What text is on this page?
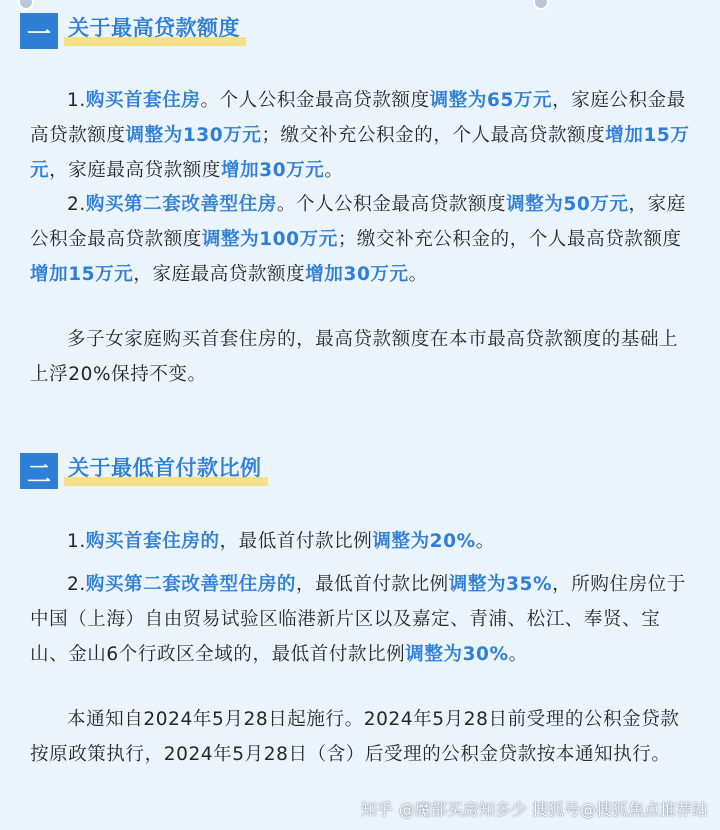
一 关于最高贷款额度

1.购买首套住房。个人公积金最高贷款额度调整为65万元，家庭公积金最高贷款额度调整为130万元；缴交补充公积金的，个人最高贷款额度增加15万元，家庭最高贷款额度增加30万元。

2.购买第二套改善型住房。个人公积金最高贷款额度调整为50万元，家庭公积金最高贷款额度调整为100万元；缴交补充公积金的，个人最高贷款额度增加15万元，家庭最高贷款额度增加30万元。

多子女家庭购买首套住房的，最高贷款额度在本市最高贷款额度的基础上上浮20%保持不变。

二 关于最低首付款比例

1.购买首套住房的，最低首付款比例调整为20%。

2.购买第二套改善型住房的，最低首付款比例调整为35%，所购住房位于中国（上海）自由贸易试验区临港新片区以及嘉定、青浦、松江、奉贤、宝山、金山6个行政区全域的，最低首付款比例调整为30%。

本通知自2024年5月28日起施行。2024年5月28日前受理的公积金贷款按原政策执行，2024年5月28日（含）后受理的公积金贷款按本通知执行。

知乎 @魔都买房知多少 搜狐号@搜狐焦点推荐站
